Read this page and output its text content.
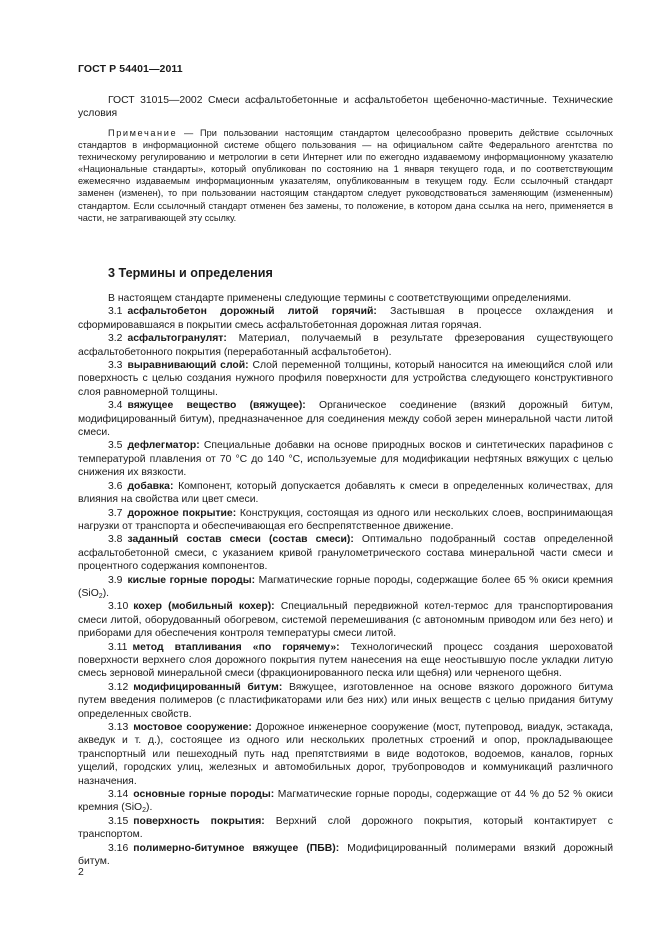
ГОСТ Р 54401—2011

ГОСТ 31015—2002 Смеси асфальтобетонные и асфальтобетон щебеночно-мастичные. Технические условия

Примечание — При пользовании настоящим стандартом целесообразно проверить действие ссылочных стандартов в информационной системе общего пользования — на официальном сайте Федерального агентства по техническому регулированию и метрологии в сети Интернет или по ежегодно издаваемому информационному указателю «Национальные стандарты», который опубликован по состоянию на 1 января текущего года, и по соответствующим ежемесячно издаваемым информационным указателям, опубликованным в текущем году. Если ссылочный стандарт заменен (изменен), то при пользовании настоящим стандартом следует руководствоваться заменяющим (измененным) стандартом. Если ссылочный стандарт отменен без замены, то положение, в котором дана ссылка на него, применяется в части, не затрагивающей эту ссылку.

3 Термины и определения

В настоящем стандарте применены следующие термины с соответствующими определениями.

3.1 асфальтобетон дорожный литой горячий: Застывшая в процессе охлаждения и сформировавшаяся в покрытии смесь асфальтобетонная дорожная литая горячая.

3.2 асфальтогранулят: Материал, получаемый в результате фрезерования существующего асфальтобетонного покрытия (переработанный асфальтобетон).

3.3 выравнивающий слой: Слой переменной толщины, который наносится на имеющийся слой или поверхность с целью создания нужного профиля поверхности для устройства следующего конструктивного слоя равномерной толщины.

3.4 вяжущее вещество (вяжущее): Органическое соединение (вязкий дорожный битум, модифицированный битум), предназначенное для соединения между собой зерен минеральной части литой смеси.

3.5 дефлегматор: Специальные добавки на основе природных восков и синтетических парафинов с температурой плавления от 70 °С до 140 °С, используемые для модификации нефтяных вяжущих с целью снижения их вязкости.

3.6 добавка: Компонент, который допускается добавлять к смеси в определенных количествах, для влияния на свойства или цвет смеси.

3.7 дорожное покрытие: Конструкция, состоящая из одного или нескольких слоев, воспринимающая нагрузки от транспорта и обеспечивающая его беспрепятственное движение.

3.8 заданный состав смеси (состав смеси): Оптимально подобранный состав определенной асфальтобетонной смеси, с указанием кривой гранулометрического состава минеральной части смеси и процентного содержания компонентов.

3.9 кислые горные породы: Магматические горные породы, содержащие более 65 % окиси кремния (SiO$_2$).

3.10 кохер (мобильный кохер): Специальный передвижной котел-термос для транспортирования смеси литой, оборудованный обогревом, системой перемешивания (с автономным приводом или без него) и приборами для обеспечения контроля температуры смеси литой.

3.11 метод втапливания «по горячему»: Технологический процесс создания шероховатой поверхности верхнего слоя дорожного покрытия путем нанесения на еще неостывшую после укладки литую смесь зерновой минеральной смеси (фракционированного песка или щебня) или черненого щебня.

3.12 модифицированный битум: Вяжущее, изготовленное на основе вязкого дорожного битума путем введения полимеров (с пластификаторами или без них) или иных веществ с целью придания битуму определенных свойств.

3.13 мостовое сооружение: Дорожное инженерное сооружение (мост, путепровод, виадук, эстакада, акведук и т. д.), состоящее из одного или нескольких пролетных строений и опор, прокладывающее транспортный или пешеходный путь над препятствиями в виде водотоков, водоемов, каналов, горных ущелий, городских улиц, железных и автомобильных дорог, трубопроводов и коммуникаций различного назначения.

3.14 основные горные породы: Магматические горные породы, содержащие от 44 % до 52 % окиси кремния (SiO$_2$).

3.15 поверхность покрытия: Верхний слой дорожного покрытия, который контактирует с транспортом.

3.16 полимерно-битумное вяжущее (ПБВ): Модифицированный полимерами вязкий дорожный битум.

2
